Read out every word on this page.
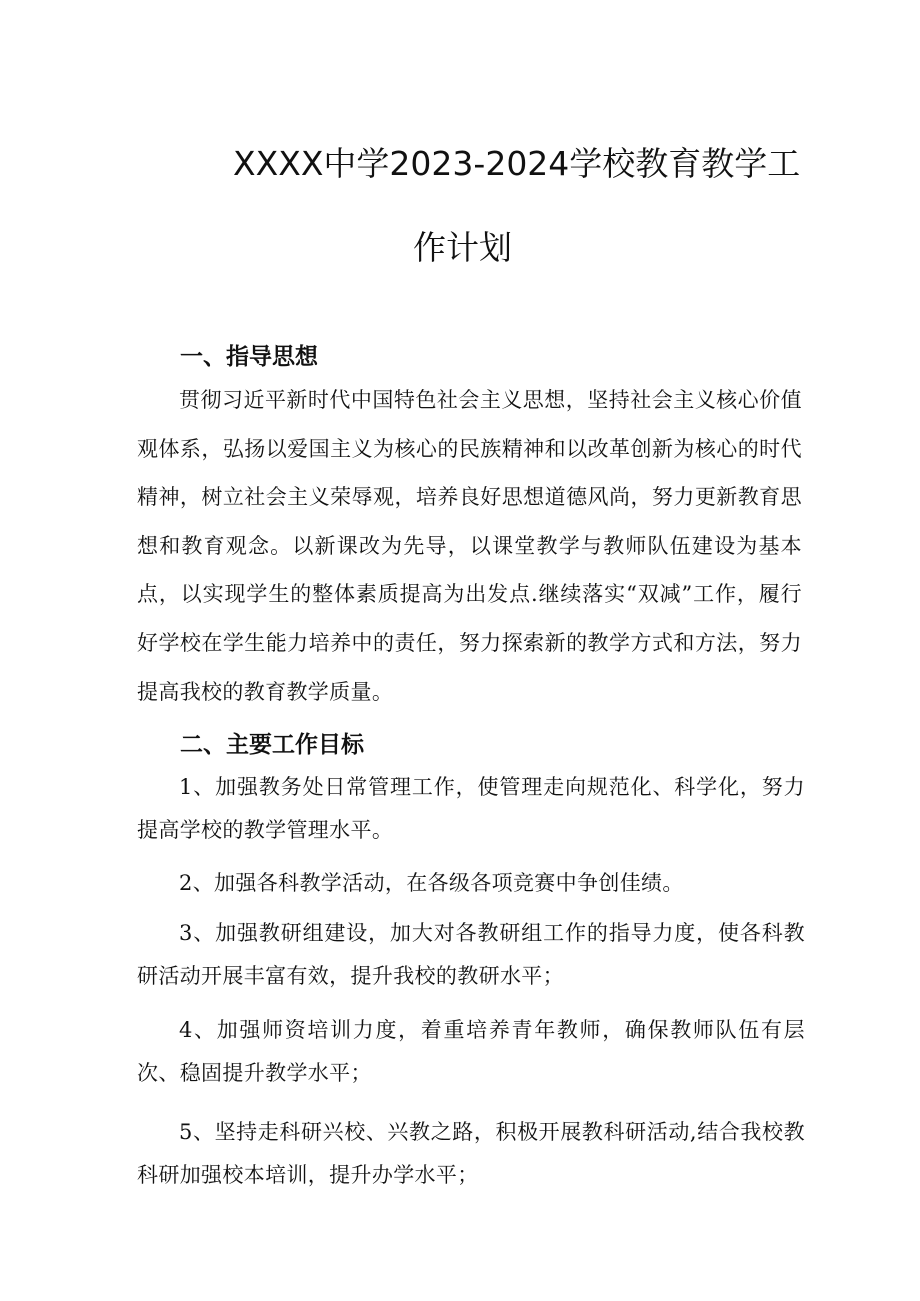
XXXX中学2023-2024学校教育教学工
作计划
一、指导思想
贯彻习近平新时代中国特色社会主义思想，坚持社会主义核心价值观体系，弘扬以爱国主义为核心的民族精神和以改革创新为核心的时代精神，树立社会主义荣辱观，培养良好思想道德风尚，努力更新教育思想和教育观念。以新课改为先导，以课堂教学与教师队伍建设为基本点，以实现学生的整体素质提高为出发点.继续落实“双减”工作，履行好学校在学生能力培养中的责任，努力探索新的教学方式和方法，努力提高我校的教育教学质量。
二、主要工作目标
1、加强教务处日常管理工作，使管理走向规范化、科学化，努力提高学校的教学管理水平。
2、加强各科教学活动，在各级各项竞赛中争创佳绩。
3、加强教研组建设，加大对各教研组工作的指导力度，使各科教研活动开展丰富有效，提升我校的教研水平；
4、加强师资培训力度，着重培养青年教师，确保教师队伍有层次、稳固提升教学水平；
5、坚持走科研兴校、兴教之路，积极开展教科研活动,结合我校教科研加强校本培训，提升办学水平；
